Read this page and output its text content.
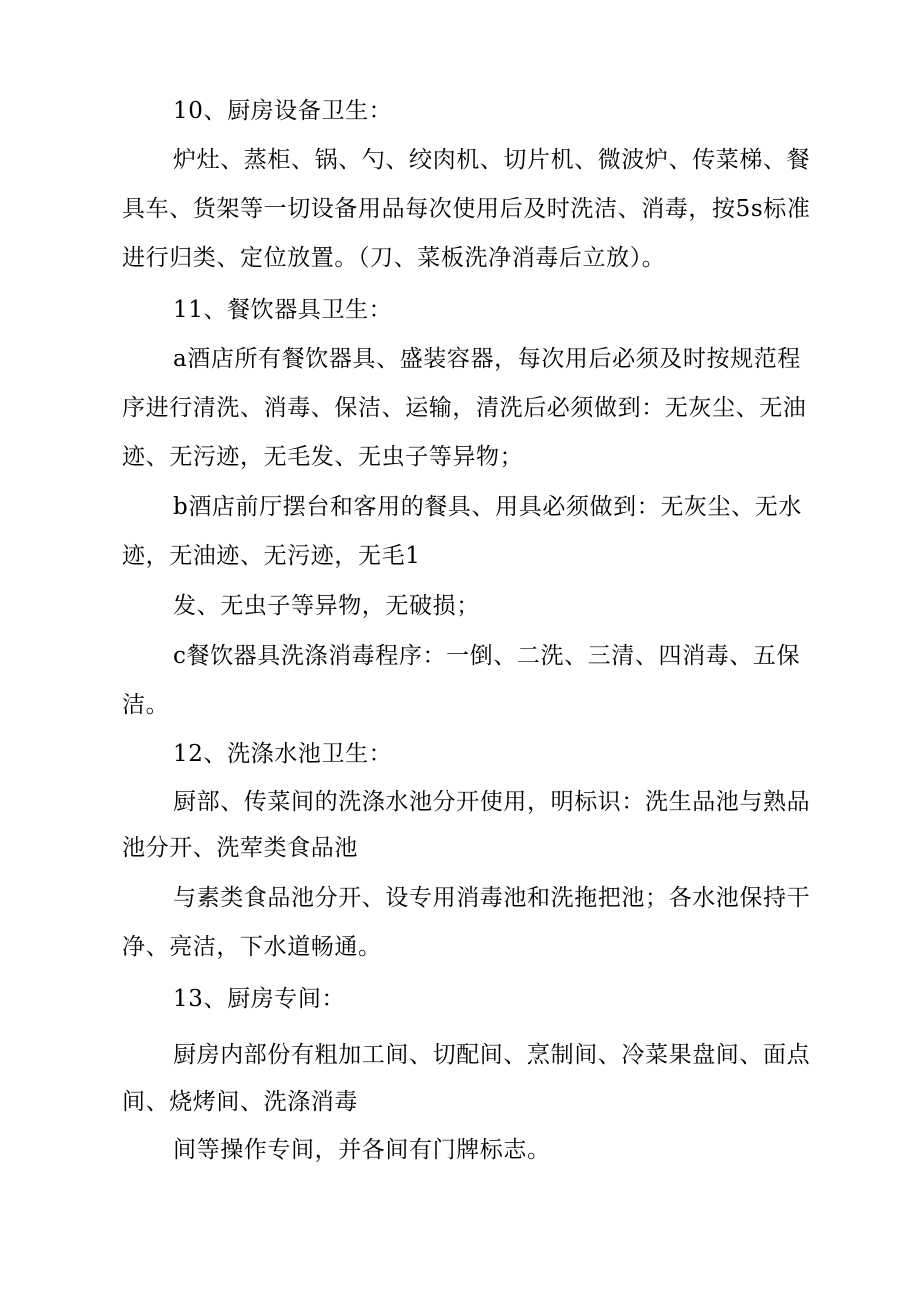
10、厨房设备卫生：
炉灶、蒸柜、锅、勺、绞肉机、切片机、微波炉、传菜梯、餐
具车、货架等一切设备用品每次使用后及时洗洁、消毒，按5s标准
进行归类、定位放置。（刀、菜板洗净消毒后立放）。
11、餐饮器具卫生：
a酒店所有餐饮器具、盛装容器，每次用后必须及时按规范程
序进行清洗、消毒、保洁、运输，清洗后必须做到：无灰尘、无油
迹、无污迹，无毛发、无虫子等异物；
b酒店前厅摆台和客用的餐具、用具必须做到：无灰尘、无水
迹，无油迹、无污迹，无毛1
发、无虫子等异物，无破损；
c餐饮器具洗涤消毒程序：一倒、二洗、三清、四消毒、五保
洁。
12、洗涤水池卫生：
厨部、传菜间的洗涤水池分开使用，明标识：洗生品池与熟品
池分开、洗荤类食品池
与素类食品池分开、设专用消毒池和洗拖把池；各水池保持干
净、亮洁，下水道畅通。
13、厨房专间：
厨房内部份有粗加工间、切配间、烹制间、冷菜果盘间、面点
间、烧烤间、洗涤消毒
间等操作专间，并各间有门牌标志。
